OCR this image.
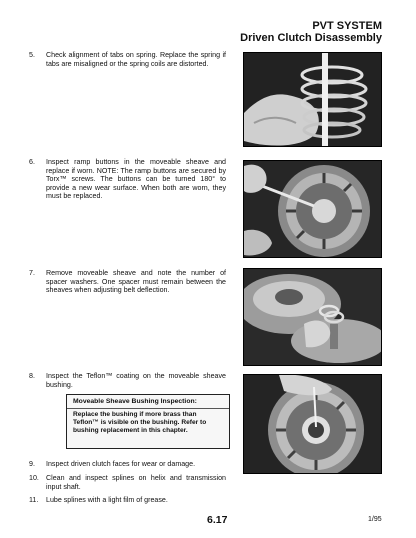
PVT SYSTEM
Driven Clutch Disassembly
5. Check alignment of tabs on spring. Replace the spring if tabs are misaligned or the spring coils are distorted.
6. Inspect ramp buttons in the moveable sheave and replace if worn. NOTE: The ramp buttons are secured by Torx™ screws. The buttons can be turned 180° to provide a new wear surface. When both are worn, they must be replaced.
7. Remove moveable sheave and note the number of spacer washers. One spacer must remain between the sheaves when adjusting belt deflection.
8. Inspect the Teflon™ coating on the moveable sheave bushing.
Moveable Sheave Bushing Inspection:
Replace the bushing if more brass than Teflon™ is visible on the bushing. Refer to bushing replacement in this chapter.
9. Inspect driven clutch faces for wear or damage.
10. Clean and inspect splines on helix and transmission input shaft.
11. Lube splines with a light film of grease.
6.17	1/95
